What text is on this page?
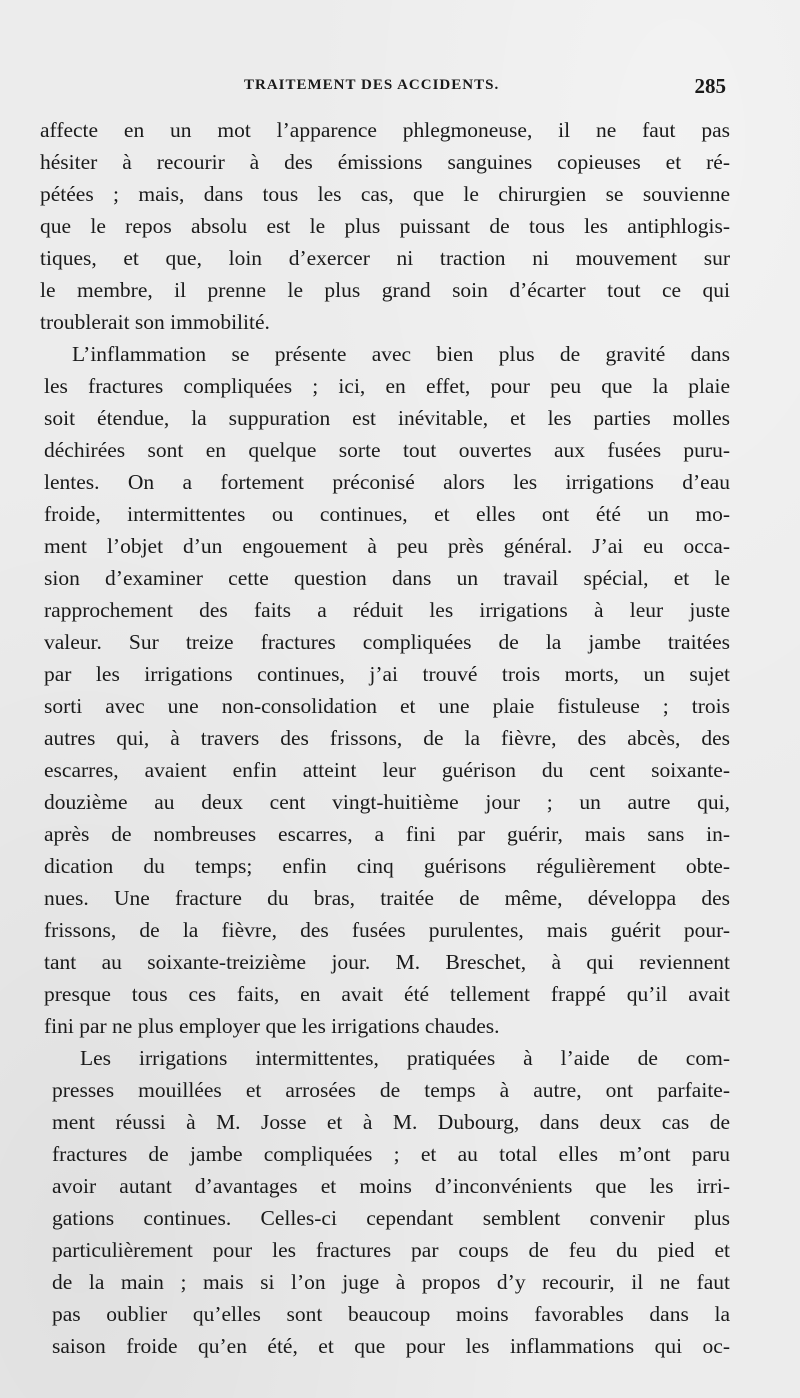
TRAITEMENT DES ACCIDENTS.	285
affecte en un mot l’apparence phlegmoneuse, il ne faut pas
hésiter à recourir à des émissions sanguines copieuses et ré-
pétées ; mais, dans tous les cas, que le chirurgien se souvienne
que le repos absolu est le plus puissant de tous les antiphlogis-
tiques, et que, loin d’exercer ni traction ni mouvement sur
le membre, il prenne le plus grand soin d’écarter tout ce qui
troublerait son immobilité.
L’inflammation se présente avec bien plus de gravité dans
les fractures compliquées ; ici, en effet, pour peu que la plaie
soit étendue, la suppuration est inévitable, et les parties molles
déchirées sont en quelque sorte tout ouvertes aux fusées puru-
lentes. On a fortement préconisé alors les irrigations d’eau
froide, intermittentes ou continues, et elles ont été un mo-
ment l’objet d’un engouement à peu près général. J’ai eu occa-
sion d’examiner cette question dans un travail spécial, et le
rapprochement des faits a réduit les irrigations à leur juste
valeur. Sur treize fractures compliquées de la jambe traitées
par les irrigations continues, j’ai trouvé trois morts, un sujet
sorti avec une non-consolidation et une plaie fistuleuse ; trois
autres qui, à travers des frissons, de la fièvre, des abcès, des
escarres, avaient enfin atteint leur guérison du cent soixante-
douzième au deux cent vingt-huitième jour ; un autre qui,
après de nombreuses escarres, a fini par guérir, mais sans in-
dication du temps; enfin cinq guérisons régulièrement obte-
nues. Une fracture du bras, traitée de même, développa des
frissons, de la fièvre, des fusées purulentes, mais guérit pour-
tant au soixante-treizième jour. M. Breschet, à qui reviennent
presque tous ces faits, en avait été tellement frappé qu’il avait
fini par ne plus employer que les irrigations chaudes.
Les irrigations intermittentes, pratiquées à l’aide de com-
presses mouillées et arrosées de temps à autre, ont parfaite-
ment réussi à M. Josse et à M. Dubourg, dans deux cas de
fractures de jambe compliquées ; et au total elles m’ont paru
avoir autant d’avantages et moins d’inconvénients que les irri-
gations continues. Celles-ci cependant semblent convenir plus
particulièrement pour les fractures par coups de feu du pied et
de la main ; mais si l’on juge à propos d’y recourir, il ne faut
pas oublier qu’elles sont beaucoup moins favorables dans la
saison froide qu’en été, et que pour les inflammations qui oc-
